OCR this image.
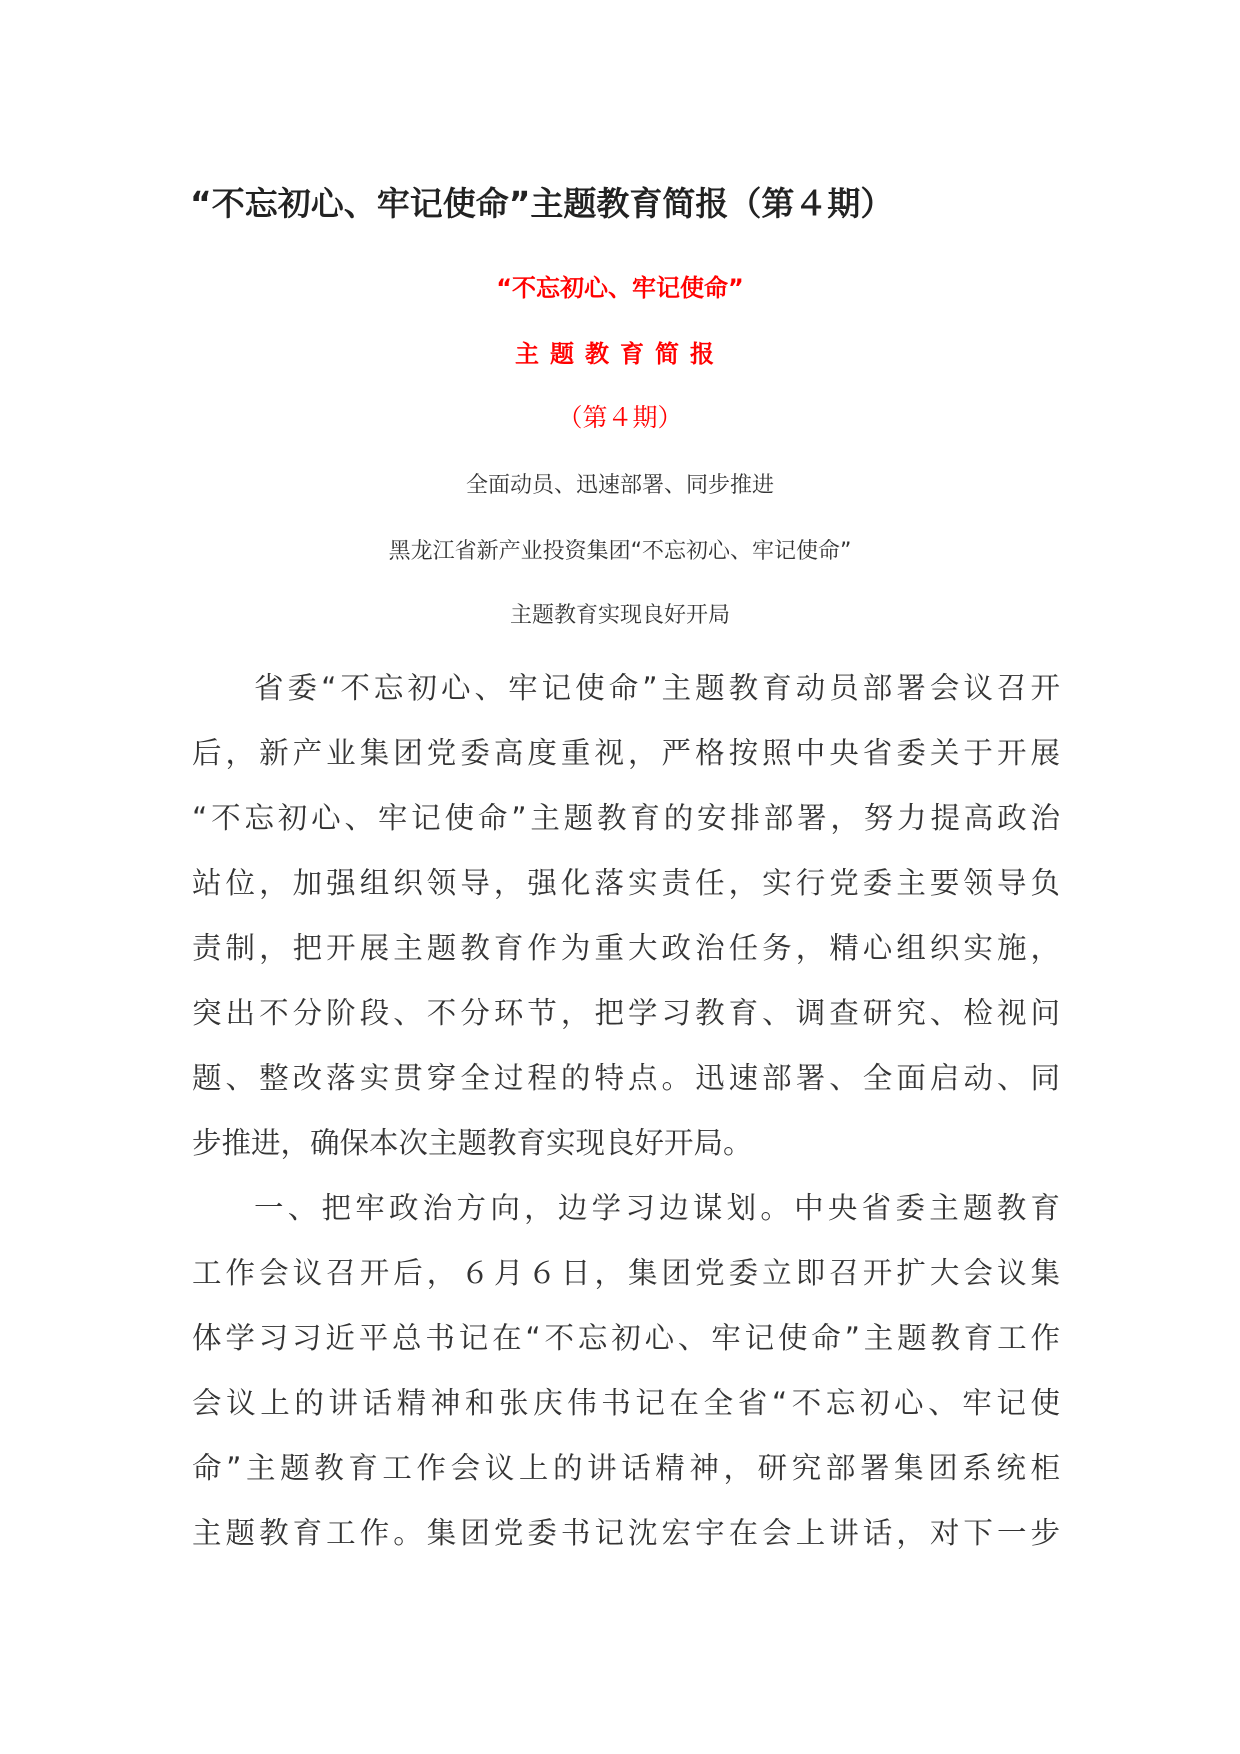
“不忘初心、牢记使命”主题教育简报（第４期）
“不忘初心、牢记使命”
主题教育简报
（第４期）
全面动员、迅速部署、同步推进
黑龙江省新产业投资集团“不忘初心、牢记使命”
主题教育实现良好开局
省委“不忘初心、牢记使命”主题教育动员部署会议召开
后，新产业集团党委高度重视，严格按照中央省委关于开展
“不忘初心、牢记使命”主题教育的安排部署，努力提高政治
站位，加强组织领导，强化落实责任，实行党委主要领导负
责制，把开展主题教育作为重大政治任务，精心组织实施，
突出不分阶段、不分环节，把学习教育、调查研究、检视问
题、整改落实贯穿全过程的特点。迅速部署、全面启动、同
步推进，确保本次主题教育实现良好开局。
一、把牢政治方向，边学习边谋划。中央省委主题教育
工作会议召开后，６月６日，集团党委立即召开扩大会议集
体学习习近平总书记在“不忘初心、牢记使命”主题教育工作
会议上的讲话精神和张庆伟书记在全省“不忘初心、牢记使
命”主题教育工作会议上的讲话精神，研究部署集团系统柜
主题教育工作。集团党委书记沈宏宇在会上讲话，对下一步
